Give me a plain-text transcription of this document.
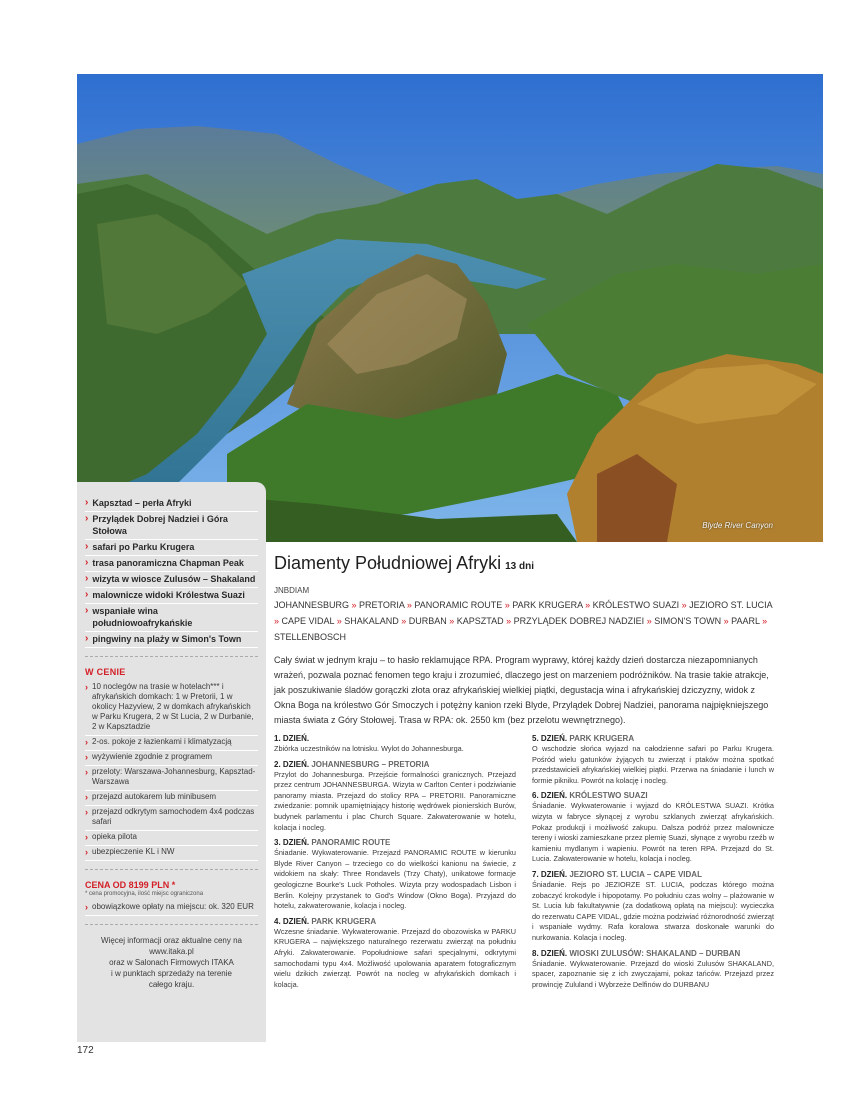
Blyde River Canyon
› Kapsztad – perła Afryki
› Przylądek Dobrej Nadziei i Góra Stołowa
› safari po Parku Krugera
› trasa panoramiczna Chapman Peak
› wizyta w wiosce Zulusów – Shakaland
› malownicze widoki Królestwa Suazi
› wspaniałe wina południowoafrykańskie
› pingwiny na plaży w Simon's Town
W CENIE
› 10 noclegów na trasie w hotelach*** i afrykańskich domkach: 1 w Pretorii, 1 w okolicy Hazyview, 2 w domkach afrykańskich w Parku Krugera, 2 w St Lucia, 2 w Durbanie, 2 w Kapsztadzie
› 2-os. pokoje z łazienkami i klimatyzacją
› wyżywienie zgodnie z programem
› przeloty: Warszawa-Johannesburg, Kapsztad-Warszawa
› przejazd autokarem lub minibusem
› przejazd odkrytym samochodem 4x4 podczas safari
› opieka pilota
› ubezpieczenie KL i NW
CENA OD 8199 PLN *
* cena promocyjna, ilość miejsc ograniczona
› obowiązkowe opłaty na miejscu: ok. 320 EUR
Więcej informacji oraz aktualne ceny na
www.itaka.pl
oraz w Salonach Firmowych ITAKA
i w punktach sprzedaży na terenie
całego kraju.
172
Diamenty Południowej Afryki 13 dni
JNBDIAM
JOHANNESBURG » PRETORIA » PANORAMIC ROUTE » PARK KRUGERA » KRÓLESTWO SUAZI » JEZIORO ST. LUCIA » CAPE VIDAL » SHAKALAND » DURBAN » KAPSZTAD » PRZYLĄDEK DOBREJ NADZIEI » SIMON'S TOWN » PAARL » STELLENBOSCH
Cały świat w jednym kraju – to hasło reklamujące RPA. Program wyprawy, której każdy dzień dostarcza niezapomnianych wrażeń, pozwala poznać fenomen tego kraju i zrozumieć, dlaczego jest on marzeniem podróżników. Na trasie takie atrakcje, jak poszukiwanie śladów gorączki złota oraz afrykańskiej wielkiej piątki, degustacja wina i afrykańskiej dziczyzny, widok z Okna Boga na królestwo Gór Smoczych i potężny kanion rzeki Blyde, Przylądek Dobrej Nadziei, panorama najpiękniejszego miasta świata z Góry Stołowej. Trasa w RPA: ok. 2550 km (bez przelotu wewnętrznego).
1. DZIEŃ.
Zbiórka uczestników na lotnisku. Wylot do Johannesburga.
2. DZIEŃ. JOHANNESBURG – PRETORIA
Przylot do Johannesburga. Przejście formalności granicznych. Przejazd przez centrum JOHANNESBURGA. Wizyta w Carlton Center i podziwianie panoramy miasta. Przejazd do stolicy RPA – PRETORII. Panoramiczne zwiedzanie: pomnik upamiętniający historię wędrówek pionierskich Burów, budynek parlamentu i plac Church Square. Zakwaterowanie w hotelu, kolacja i nocleg.
3. DZIEŃ. PANORAMIC ROUTE
Śniadanie. Wykwaterowanie. Przejazd PANORAMIC ROUTE w kierunku Blyde River Canyon – trzeciego co do wielkości kanionu na świecie, z widokiem na skały: Three Rondavels (Trzy Chaty), unikatowe formacje geologiczne Bourke's Luck Potholes. Wizyta przy wodospadach Lisbon i Berlin. Kolejny przystanek to God's Window (Okno Boga). Przyjazd do hotelu, zakwaterowanie, kolacja i nocleg.
4. DZIEŃ. PARK KRUGERA
Wczesne śniadanie. Wykwaterowanie. Przejazd do obozowiska w PARKU KRUGERA – największego naturalnego rezerwatu zwierząt na południu Afryki. Zakwaterowanie. Popołudniowe safari specjalnymi, odkrytymi samochodami typu 4x4. Możliwość upolowania aparatem fotograficznym wielu dzikich zwierząt. Powrót na nocleg w afrykańskich domkach i kolacja.
5. DZIEŃ. PARK KRUGERA
O wschodzie słońca wyjazd na całodzienne safari po Parku Krugera. Pośród wielu gatunków żyjących tu zwierząt i ptaków można spotkać przedstawicieli afrykańskiej wielkiej piątki. Przerwa na śniadanie i lunch w formie pikniku. Powrót na kolację i nocleg.
6. DZIEŃ. KRÓLESTWO SUAZI
Śniadanie. Wykwaterowanie i wyjazd do KRÓLESTWA SUAZI. Krótka wizyta w fabryce słynącej z wyrobu szklanych zwierząt afrykańskich. Pokaz produkcji i możliwość zakupu. Dalsza podróż przez malownicze tereny i wioski zamieszkane przez plemię Suazi, słynące z wyrobu rzeźb w kamieniu mydlanym i wapieniu. Powrót na teren RPA. Przejazd do St. Lucia. Zakwaterowanie w hotelu, kolacja i nocleg.
7. DZIEŃ. JEZIORO ST. LUCIA – CAPE VIDAL
Śniadanie. Rejs po JEZIORZE ST. LUCIA, podczas którego można zobaczyć krokodyle i hipopotamy. Po południu czas wolny – plażowanie w St. Lucia lub fakultatywnie (za dodatkową opłatą na miejscu): wycieczka do rezerwatu CAPE VIDAL, gdzie można podziwiać różnorodność zwierząt i wspaniałe wydmy. Rafa koralowa stwarza doskonałe warunki do nurkowania. Kolacja i nocleg.
8. DZIEŃ. WIOSKI ZULUSÓW: SHAKALAND – DURBAN
Śniadanie. Wykwaterowanie. Przejazd do wioski Zulusów SHAKALAND, spacer, zapoznanie się z ich zwyczajami, pokaz tańców. Przejazd przez prowincję Zululand i Wybrzeże Delfinów do DURBANU
